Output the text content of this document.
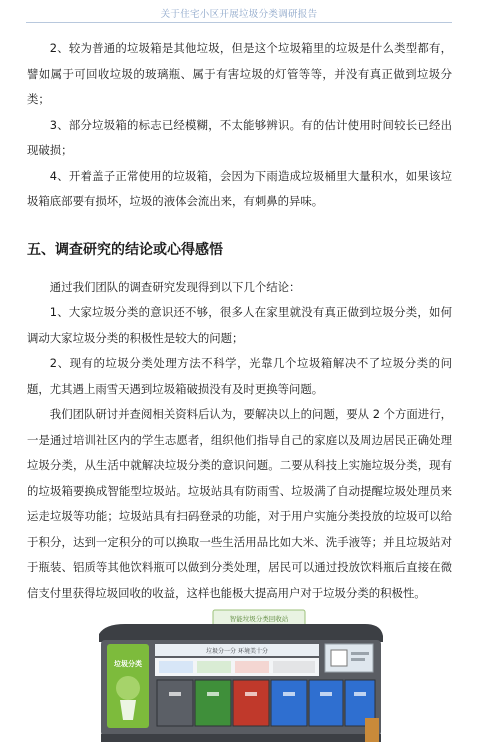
关于住宅小区开展垃圾分类调研报告

2、较为普通的垃圾箱是其他垃圾，但是这个垃圾箱里的垃圾是什么类型都有，譬如属于可回收垃圾的玻璃瓶、属于有害垃圾的灯管等等，并没有真正做到垃圾分类；

3、部分垃圾箱的标志已经模糊，不太能够辨识。有的估计使用时间较长已经出现破损；

4、开着盖子正常使用的垃圾箱，会因为下雨造成垃圾桶里大量积水，如果该垃圾箱底部要有损坏，垃圾的液体会流出来，有刺鼻的异味。

五、调查研究的结论或心得感悟

通过我们团队的调查研究发现得到以下几个结论：

1、大家垃圾分类的意识还不够，很多人在家里就没有真正做到垃圾分类，如何调动大家垃圾分类的积极性是较大的问题；

2、现有的垃圾分类处理方法不科学，光靠几个垃圾箱解决不了垃圾分类的问题，尤其遇上雨雪天遇到垃圾箱破损没有及时更换等问题。

我们团队研讨并查阅相关资料后认为，要解决以上的问题，要从 2 个方面进行，一是通过培训社区内的学生志愿者，组织他们指导自己的家庭以及周边居民正确处理垃圾分类，从生活中就解决垃圾分类的意识问题。二要从科技上实施垃圾分类，现有的垃圾箱要换成智能型垃圾站。垃圾站具有防雨雪、垃圾满了自动提醒垃圾处理员来运走垃圾等功能；垃圾站具有扫码登录的功能，对于用户实施分类投放的垃圾可以给于积分，达到一定积分的可以换取一些生活用品比如大米、洗手液等；并且垃圾站对于瓶装、铝质等其他饮料瓶可以做到分类处理，居民可以通过投放饮料瓶后直接在微信支付里获得垃圾回收的收益，这样也能极大提高用户对于垃圾分类的积极性。

智能垃圾分类回收站
垃圾分类
垃圾分一分 环境美十分
